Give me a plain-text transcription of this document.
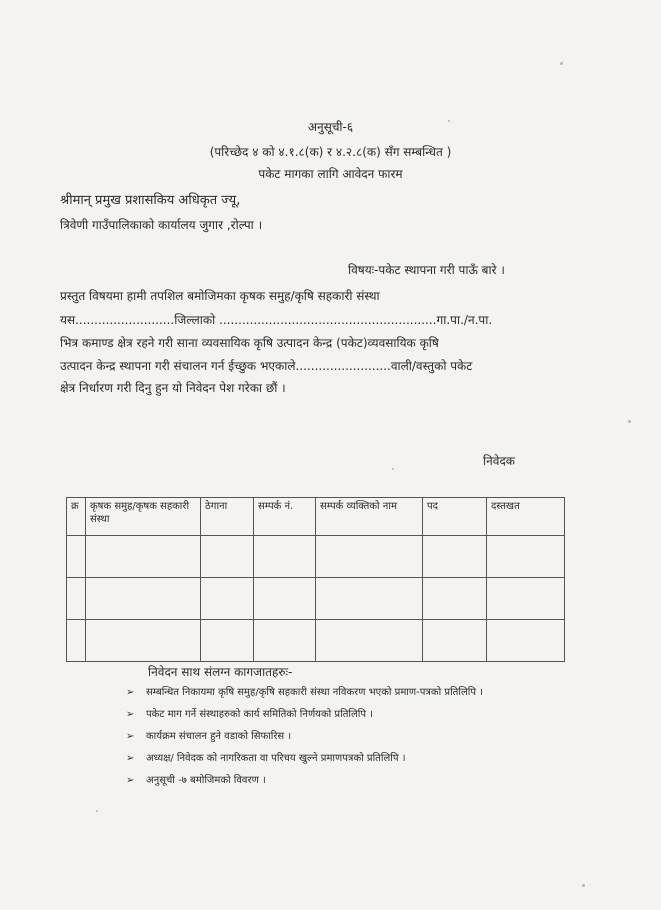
अनुसूची-६
(परिच्छेद ४ को ४.१.८(क) र ४.२.८(क) सँग सम्बन्धित )
पकेट मागका लागि आवेदन फारम
श्रीमान् प्रमुख प्रशासकिय अधिकृत ज्यू,
त्रिवेणी गाउँपालिकाको कार्यालय जुगार ,रोल्पा ।
विषयः-पकेट स्थापना गरी पाऊँ बारे ।
प्रस्तुत विषयमा हामी तपशिल बमोजिमका कृषक समुह/कृषि सहकारी संस्था
यस..........................जिल्लाको .........................................................गा.पा./न.पा.
भित्र कमाण्ड क्षेत्र रहने गरी साना व्यवसायिक कृषि उत्पादन केन्द्र (पकेट)व्यवसायिक कृषि
उत्पादन केन्द्र स्थापना गरी संचालन गर्न ईच्छुक भएकाले.........................वाली/वस्तुको पकेट
क्षेत्र निर्धारण गरी दिनु हुन यो निवेदन पेश गरेका छौं ।
निवेदक
क्र	कृषक समुह/कृषक सहकारी संस्था	ठेगाना	सम्पर्क नं.	सम्पर्क व्यक्तिको नाम	पद	दस्तखत

निवेदन साथ संलग्न कागजातहरुः-
➢	सम्बन्धित निकायमा कृषि समुह/कृषि सहकारी संस्था नविकरण भएको प्रमाण-पत्रको प्रतिलिपि ।
➢	पकेट माग गर्ने संस्थाहरुको कार्य समितिको निर्णयको प्रतिलिपि ।
➢	कार्यक्रम संचालन हुने वडाको सिफारिस ।
➢	अध्यक्ष/ निवेदक को नागरिकता वा परिचय खुल्ने प्रमाणपत्रको प्रतिलिपि ।
➢	अनुसूची -७ बमोजिमको विवरण ।
